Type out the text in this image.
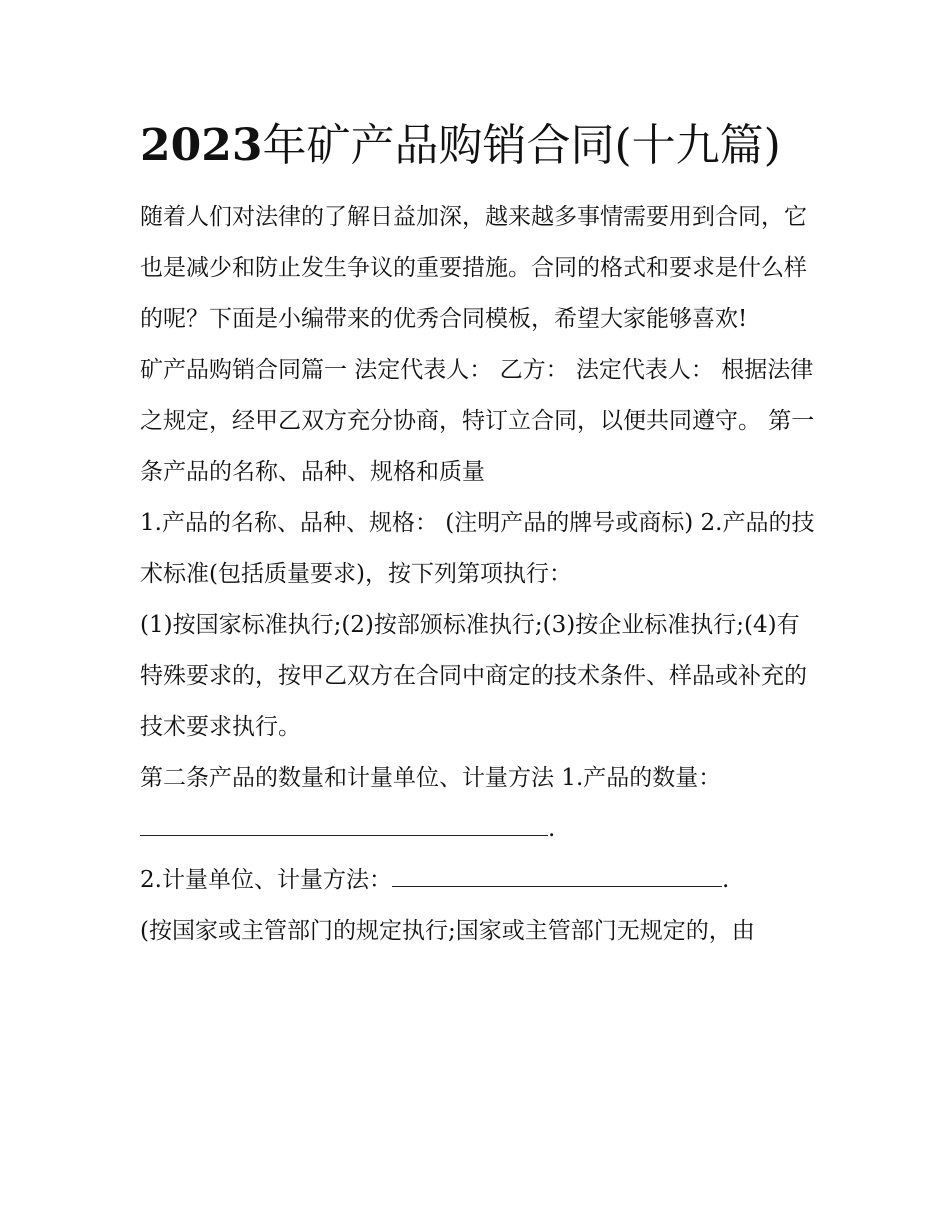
2023年矿产品购销合同(十九篇)

随着人们对法律的了解日益加深，越来越多事情需要用到合同，它也是减少和防止发生争议的重要措施。合同的格式和要求是什么样的呢？下面是小编带来的优秀合同模板，希望大家能够喜欢!

矿产品购销合同篇一 法定代表人： 乙方： 法定代表人： 根据法律之规定，经甲乙双方充分协商，特订立合同，以便共同遵守。 第一条产品的名称、品种、规格和质量

1.产品的名称、品种、规格： (注明产品的牌号或商标) 2.产品的技术标准(包括质量要求)，按下列第项执行：

(1)按国家标准执行;(2)按部颁标准执行;(3)按企业标准执行;(4)有特殊要求的，按甲乙双方在合同中商定的技术条件、样品或补充的技术要求执行。

第二条产品的数量和计量单位、计量方法 1.产品的数量：
.

2.计量单位、计量方法：	.

(按国家或主管部门的规定执行;国家或主管部门无规定的，由
